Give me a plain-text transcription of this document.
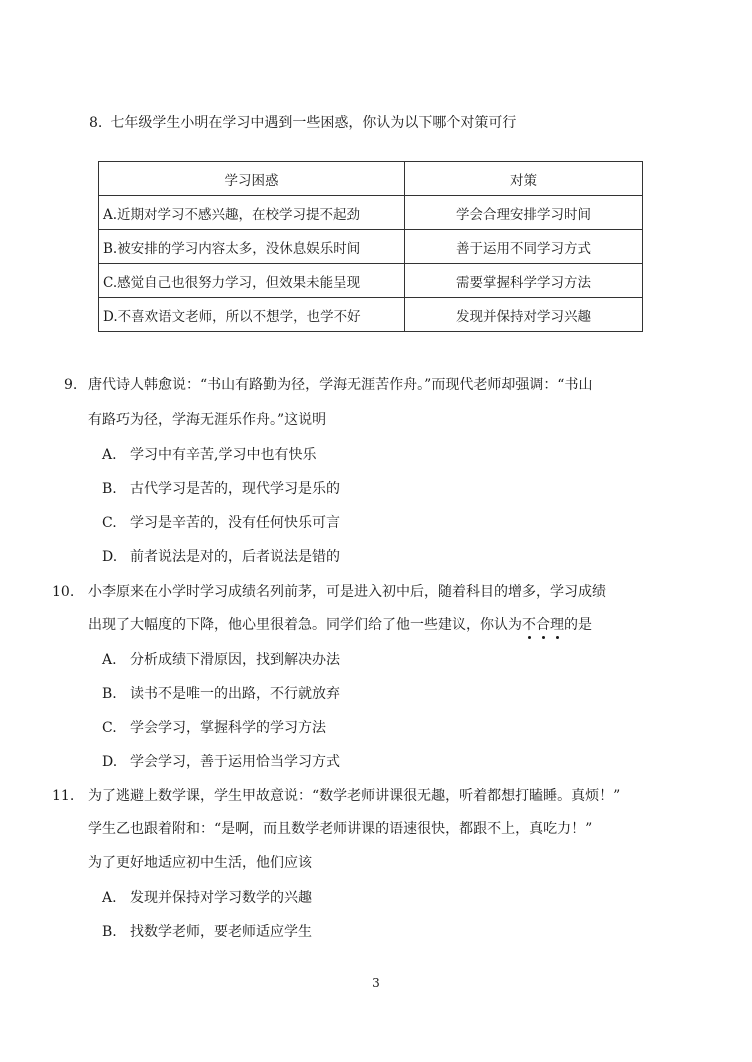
8. 七年级学生小明在学习中遇到一些困惑，你认为以下哪个对策可行
学习困惑	对策
A.近期对学习不感兴趣，在校学习提不起劲	学会合理安排学习时间
B.被安排的学习内容太多，没休息娱乐时间	善于运用不同学习方式
C.感觉自己也很努力学习，但效果未能呈现	需要掌握科学学习方法
D.不喜欢语文老师，所以不想学，也学不好	发现并保持对学习兴趣
9. 唐代诗人韩愈说：“书山有路勤为径，学海无涯苦作舟。”而现代老师却强调：“书山
有路巧为径，学海无涯乐作舟。”这说明
A. 学习中有辛苦,学习中也有快乐
B. 古代学习是苦的，现代学习是乐的
C. 学习是辛苦的，没有任何快乐可言
D. 前者说法是对的，后者说法是错的
10. 小李原来在小学时学习成绩名列前茅，可是进入初中后，随着科目的增多，学习成绩
出现了大幅度的下降，他心里很着急。同学们给了他一些建议，你认为不合理的是
A. 分析成绩下滑原因，找到解决办法
B. 读书不是唯一的出路，不行就放弃
C. 学会学习，掌握科学的学习方法
D. 学会学习，善于运用恰当学习方式
11. 为了逃避上数学课，学生甲故意说：“数学老师讲课很无趣，听着都想打瞌睡。真烦！”
学生乙也跟着附和：“是啊，而且数学老师讲课的语速很快，都跟不上，真吃力！”
为了更好地适应初中生活，他们应该
A. 发现并保持对学习数学的兴趣
B. 找数学老师，要老师适应学生
3
